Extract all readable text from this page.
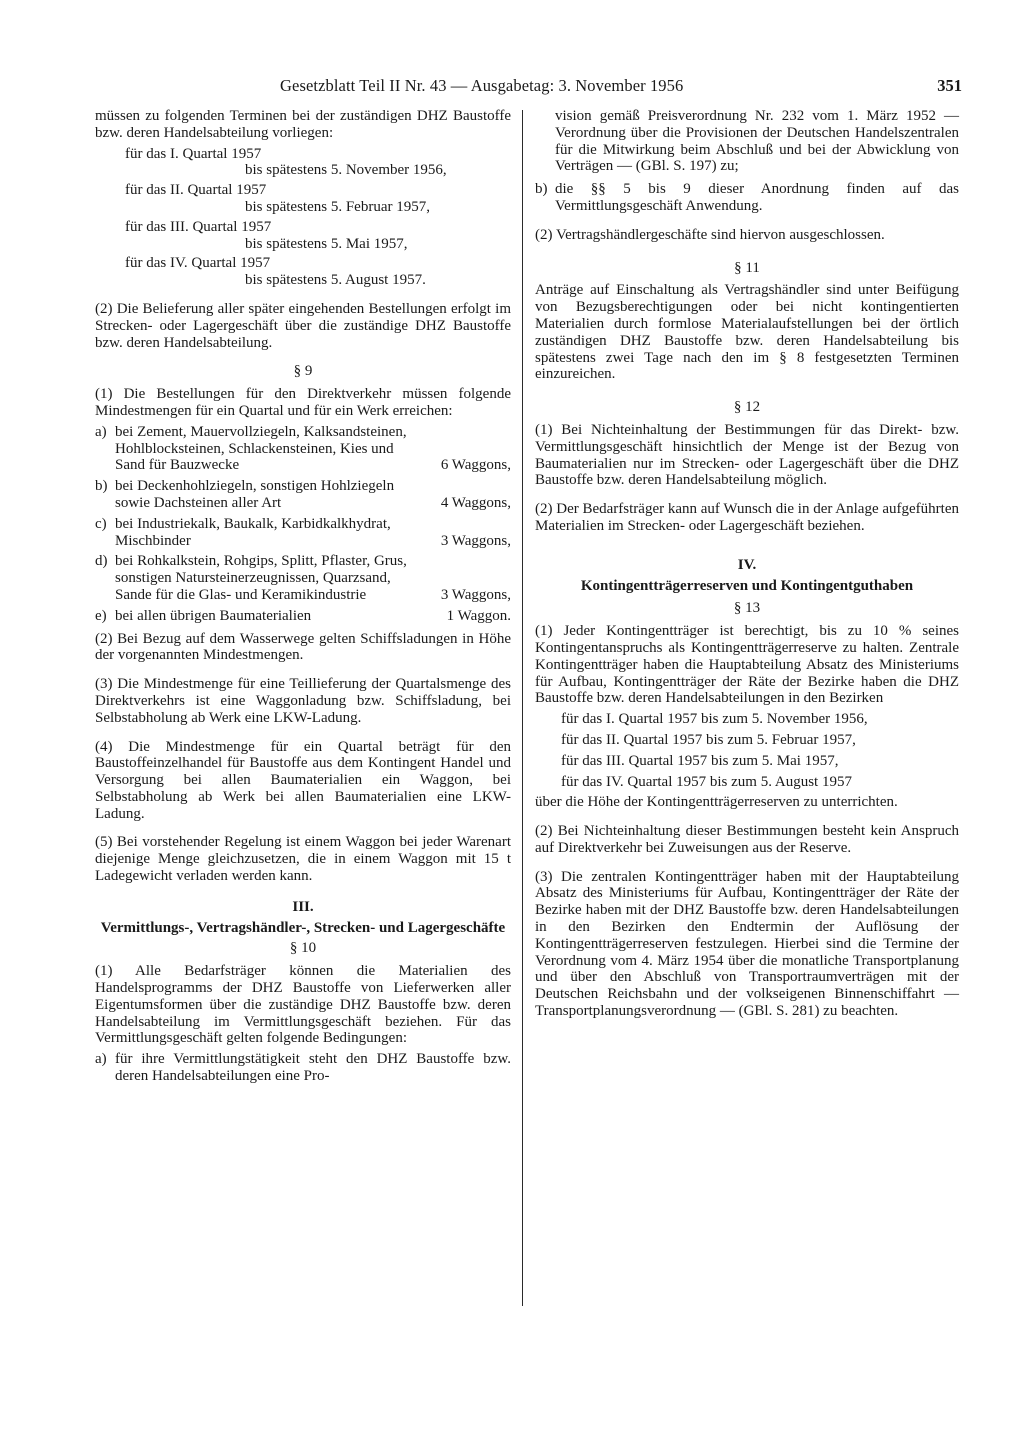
Gesetzblatt Teil II Nr. 43 — Ausgabetag: 3. November 1956	351

müssen zu folgenden Terminen bei der zuständigen DHZ Baustoffe bzw. deren Handelsabteilung vorliegen:

für das I. Quartal 1957

bis spätestens 5. November 1956,

für das II. Quartal 1957

bis spätestens 5. Februar 1957,

für das III. Quartal 1957

bis spätestens 5. Mai 1957,

für das IV. Quartal 1957

bis spätestens 5. August 1957.

(2) Die Belieferung aller später eingehenden Bestellungen erfolgt im Strecken- oder Lagergeschäft über die zuständige DHZ Baustoffe bzw. deren Handelsabteilung.

§ 9

(1) Die Bestellungen für den Direktverkehr müssen folgende Mindestmengen für ein Quartal und für ein Werk erreichen:

a) bei Zement, Mauervollziegeln, Kalksandsteinen, Hohlblocksteinen, Schlackensteinen, Kies und Sand für Bauzwecke	6 Waggons,
b) bei Deckenhohlziegeln, sonstigen Hohlziegeln sowie Dachsteinen aller Art	4 Waggons,
c) bei Industriekalk, Baukalk, Karbidkalkhydrat, Mischbinder	3 Waggons,
d) bei Rohkalkstein, Rohgips, Splitt, Pflaster, Grus, sonstigen Natursteinerzeugnissen, Quarzsand, Sande für die Glas- und Keramikindustrie	3 Waggons,
e) bei allen übrigen Baumaterialien	1 Waggon.

(2) Bei Bezug auf dem Wasserwege gelten Schiffsladungen in Höhe der vorgenannten Mindestmengen.

(3) Die Mindestmenge für eine Teillieferung der Quartalsmenge des Direktverkehrs ist eine Waggonladung bzw. Schiffsladung, bei Selbstabholung ab Werk eine LKW-Ladung.

(4) Die Mindestmenge für ein Quartal beträgt für den Baustoffeinzelhandel für Baustoffe aus dem Kontingent Handel und Versorgung bei allen Baumaterialien ein Waggon, bei Selbstabholung ab Werk bei allen Baumaterialien eine LKW-Ladung.

(5) Bei vorstehender Regelung ist einem Waggon bei jeder Warenart diejenige Menge gleichzusetzen, die in einem Waggon mit 15 t Ladegewicht verladen werden kann.

III.

Vermittlungs-, Vertragshändler-, Strecken- und Lagergeschäfte

§ 10

(1) Alle Bedarfsträger können die Materialien des Handelsprogramms der DHZ Baustoffe von Lieferwerken aller Eigentumsformen über die zuständige DHZ Baustoffe bzw. deren Handelsabteilung im Vermittlungsgeschäft beziehen. Für das Vermittlungsgeschäft gelten folgende Bedingungen:

a) für ihre Vermittlungstätigkeit steht den DHZ Baustoffe bzw. deren Handelsabteilungen eine Pro-

vision gemäß Preisverordnung Nr. 232 vom 1. März 1952 — Verordnung über die Provisionen der Deutschen Handelszentralen für die Mitwirkung beim Abschluß und bei der Abwicklung von Verträgen — (GBl. S. 197) zu;

b) die §§ 5 bis 9 dieser Anordnung finden auf das Vermittlungsgeschäft Anwendung.

(2) Vertragshändlergeschäfte sind hiervon ausgeschlossen.

§ 11

Anträge auf Einschaltung als Vertragshändler sind unter Beifügung von Bezugsberechtigungen oder bei nicht kontingentierten Materialien durch formlose Materialaufstellungen bei der örtlich zuständigen DHZ Baustoffe bzw. deren Handelsabteilung bis spätestens zwei Tage nach den im § 8 festgesetzten Terminen einzureichen.

§ 12

(1) Bei Nichteinhaltung der Bestimmungen für das Direkt- bzw. Vermittlungsgeschäft hinsichtlich der Menge ist der Bezug von Baumaterialien nur im Strecken- oder Lagergeschäft über die DHZ Baustoffe bzw. deren Handelsabteilung möglich.

(2) Der Bedarfsträger kann auf Wunsch die in der Anlage aufgeführten Materialien im Strecken- oder Lagergeschäft beziehen.

IV.

Kontingentträgerreserven und Kontingentguthaben

§ 13

(1) Jeder Kontingentträger ist berechtigt, bis zu 10 % seines Kontingentanspruchs als Kontingentträgerreserve zu halten. Zentrale Kontingentträger haben die Hauptabteilung Absatz des Ministeriums für Aufbau, Kontingentträger der Räte der Bezirke haben die DHZ Baustoffe bzw. deren Handelsabteilungen in den Bezirken

für das I. Quartal 1957 bis zum 5. November 1956,

für das II. Quartal 1957 bis zum 5. Februar 1957,

für das III. Quartal 1957 bis zum 5. Mai 1957,

für das IV. Quartal 1957 bis zum 5. August 1957

über die Höhe der Kontingentträgerreserven zu unterrichten.

(2) Bei Nichteinhaltung dieser Bestimmungen besteht kein Anspruch auf Direktverkehr bei Zuweisungen aus der Reserve.

(3) Die zentralen Kontingentträger haben mit der Hauptabteilung Absatz des Ministeriums für Aufbau, Kontingentträger der Räte der Bezirke haben mit der DHZ Baustoffe bzw. deren Handelsabteilungen in den Bezirken den Endtermin der Auflösung der Kontingentträgerreserven festzulegen. Hierbei sind die Termine der Verordnung vom 4. März 1954 über die monatliche Transportplanung und über den Abschluß von Transportraumverträgen mit der Deutschen Reichsbahn und der volkseigenen Binnenschiffahrt — Transportplanungsverordnung — (GBl. S. 281) zu beachten.
